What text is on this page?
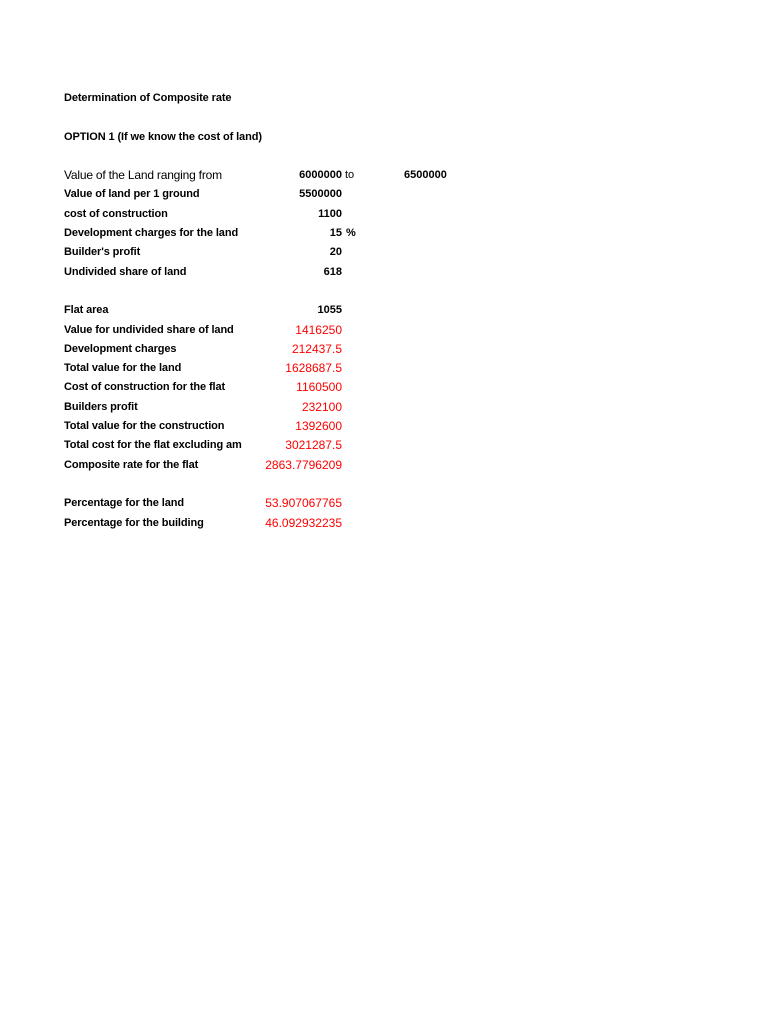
Determination of Composite rate
OPTION 1 (If we know the cost of land)
Value of the Land ranging from	6000000 to	6500000
Value of land per 1 ground	5500000
cost of construction	1100
Development charges for the land	15 %
Builder's profit	20
Undivided share of land	618
Flat area	1055
Value for undivided share of land	1416250
Development charges	212437.5
Total value for the land	1628687.5
Cost of construction for the flat	1160500
Builders profit	232100
Total value for the construction	1392600
Total cost for the flat excluding am	3021287.5
Composite rate for the flat	2863.7796209
Percentage for the land	53.907067765
Percentage for the building	46.092932235
